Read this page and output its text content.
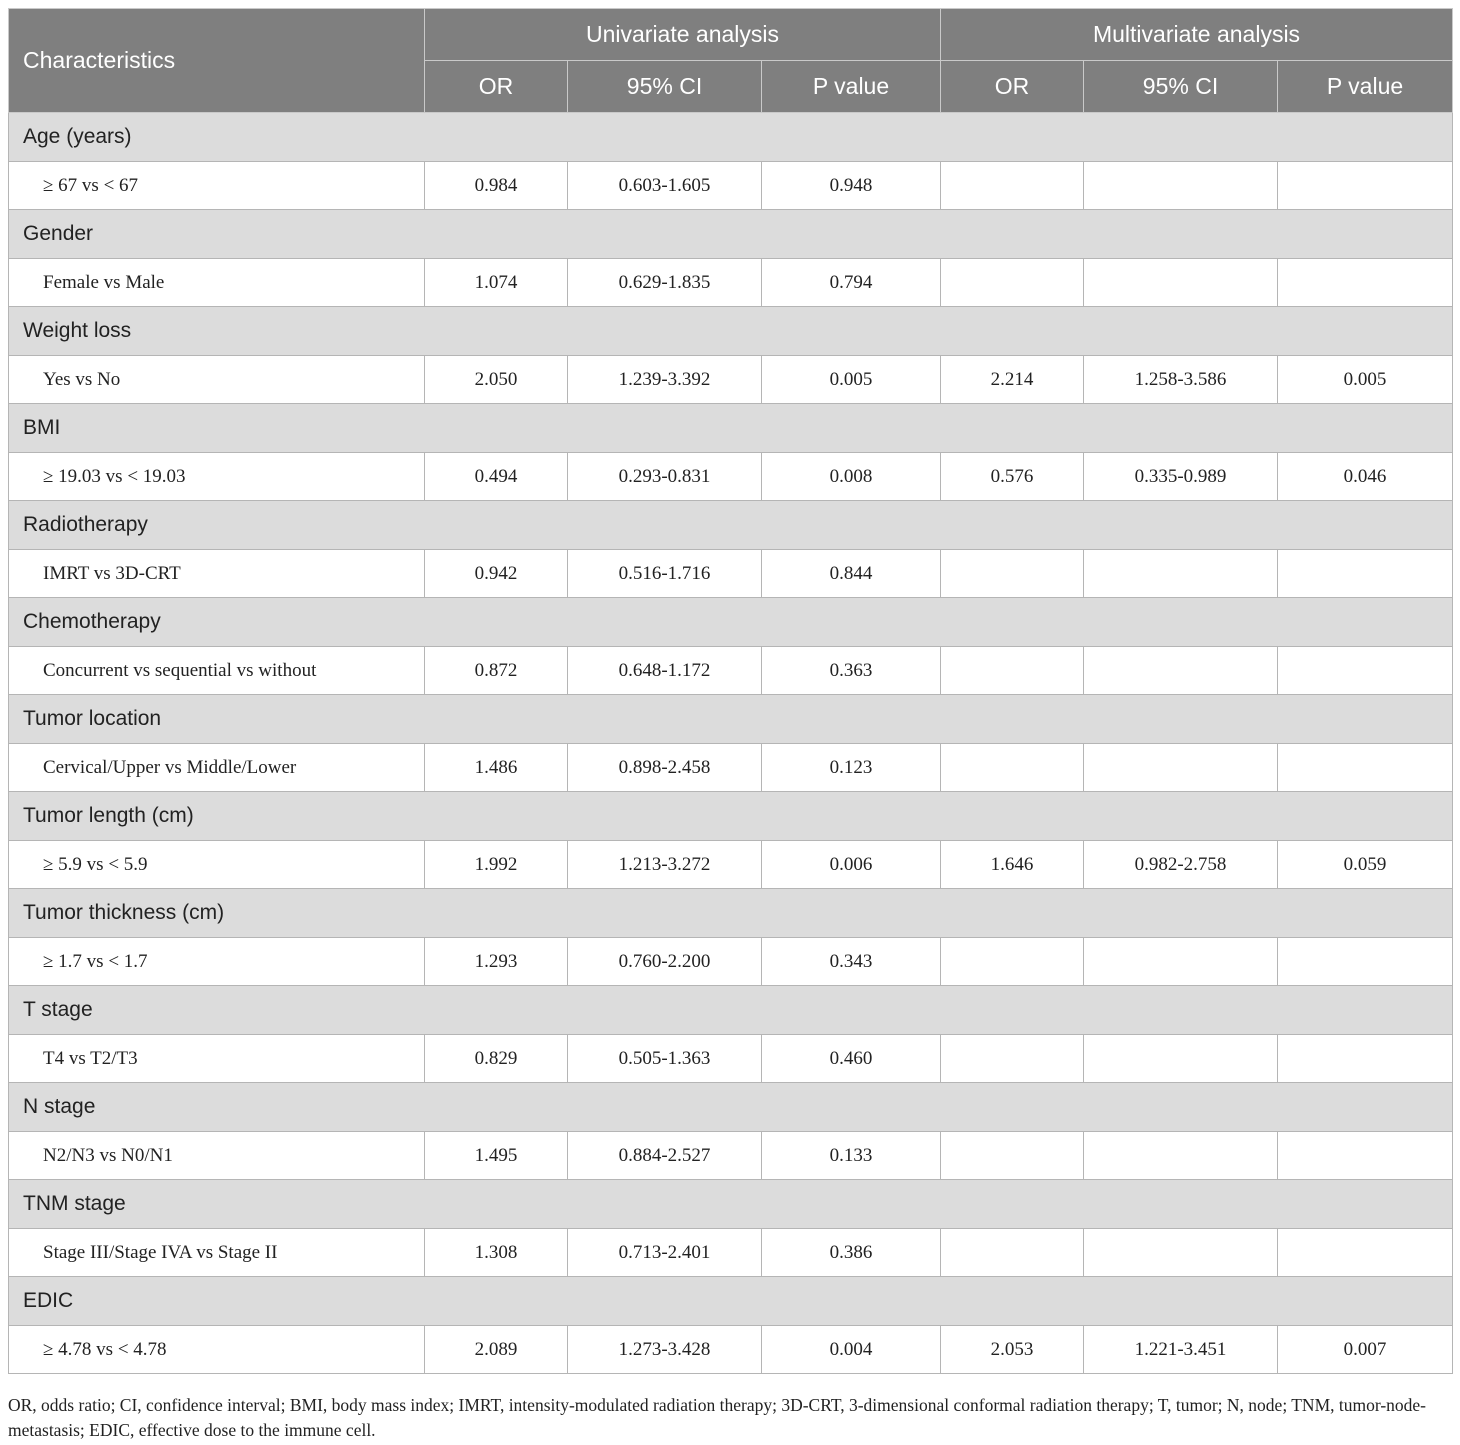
Characteristics	Univariate analysis			Multivariate analysis		
	OR	95% CI	P value	OR	95% CI	P value
Age (years)						
≥ 67 vs < 67	0.984	0.603-1.605	0.948			
Gender						
Female vs Male	1.074	0.629-1.835	0.794			
Weight loss						
Yes vs No	2.050	1.239-3.392	0.005	2.214	1.258-3.586	0.005
BMI						
≥ 19.03 vs < 19.03	0.494	0.293-0.831	0.008	0.576	0.335-0.989	0.046
Radiotherapy						
IMRT vs 3D-CRT	0.942	0.516-1.716	0.844			
Chemotherapy						
Concurrent vs sequential vs without	0.872	0.648-1.172	0.363			
Tumor location						
Cervical/Upper vs Middle/Lower	1.486	0.898-2.458	0.123			
Tumor length (cm)						
≥ 5.9 vs < 5.9	1.992	1.213-3.272	0.006	1.646	0.982-2.758	0.059
Tumor thickness (cm)						
≥ 1.7 vs < 1.7	1.293	0.760-2.200	0.343			
T stage						
T4 vs T2/T3	0.829	0.505-1.363	0.460			
N stage						
N2/N3 vs N0/N1	1.495	0.884-2.527	0.133			
TNM stage						
Stage III/Stage IVA vs Stage II	1.308	0.713-2.401	0.386			
EDIC						
≥ 4.78 vs < 4.78	2.089	1.273-3.428	0.004	2.053	1.221-3.451	0.007
OR, odds ratio; CI, confidence interval; BMI, body mass index; IMRT, intensity-modulated radiation therapy; 3D-CRT, 3-dimensional conformal radiation therapy; T, tumor; N, node; TNM, tumor-node-metastasis; EDIC, effective dose to the immune cell.
